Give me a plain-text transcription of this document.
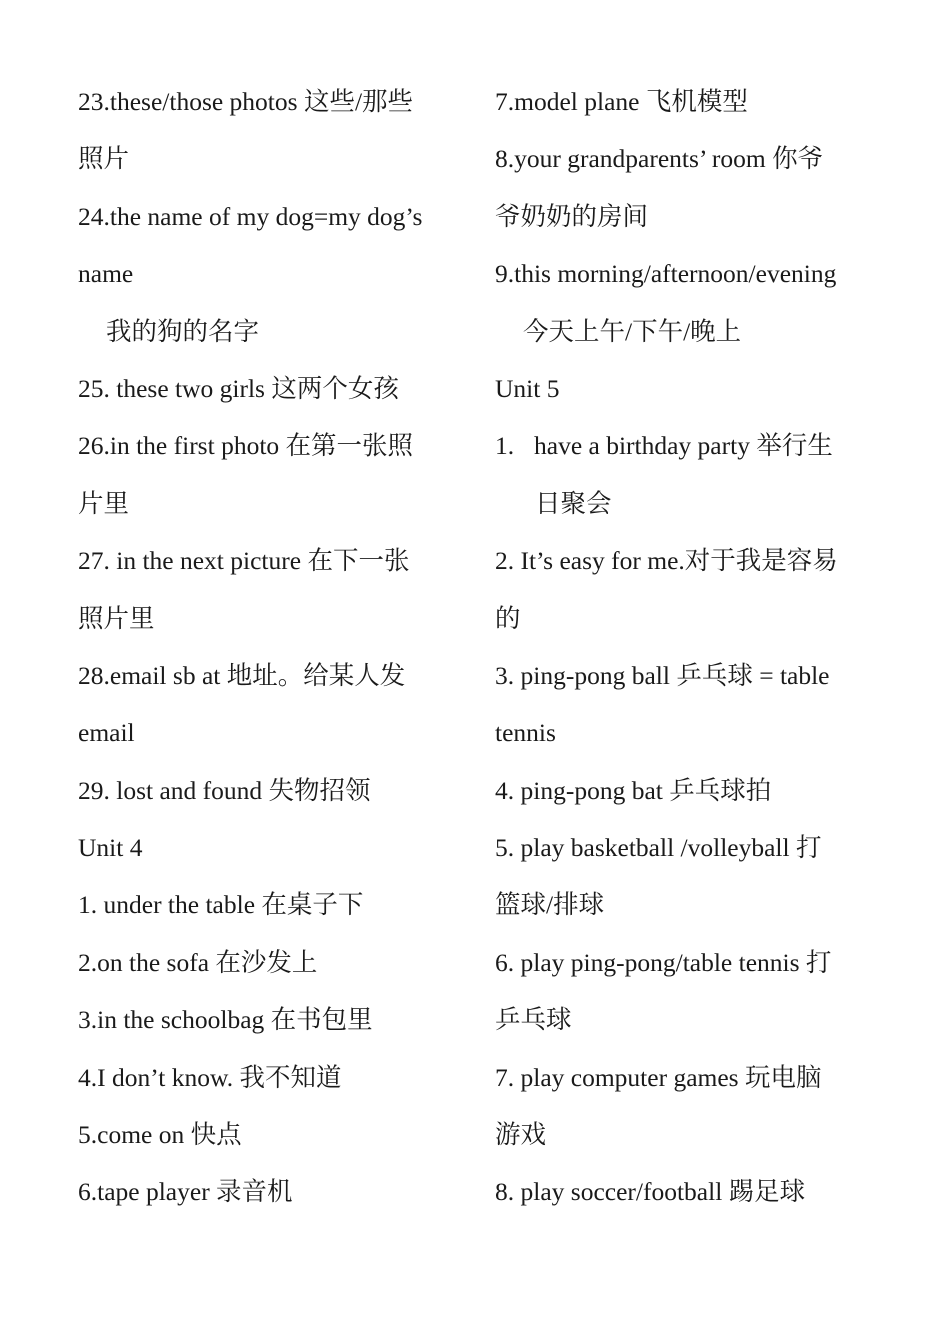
23.these/those photos 这些/那些
照片
24.the name of my dog=my dog’s
name
我的狗的名字
25. these two girls 这两个女孩
26.in the first photo 在第一张照
片里
27. in the next picture 在下一张
照片里
28.email sb at 地址。给某人发
email
29. lost and found 失物招领
Unit 4
1. under the table 在桌子下
2.on the sofa 在沙发上
3.in the schoolbag 在书包里
4.I don’t know. 我不知道
5.come on 快点
6.tape player 录音机
7.model plane 飞机模型
8.your grandparents’ room 你爷
爷奶奶的房间
9.this morning/afternoon/evening
今天上午/下午/晚上
Unit 5
1. have a birthday party 举行生
日聚会
2. It’s easy for me.对于我是容易
的
3. ping-pong ball 乒乓球 = table
tennis
4. ping-pong bat 乒乓球拍
5. play basketball /volleyball 打
篮球/排球
6. play ping-pong/table tennis 打
乒乓球
7. play computer games 玩电脑
游戏
8. play soccer/football 踢足球
